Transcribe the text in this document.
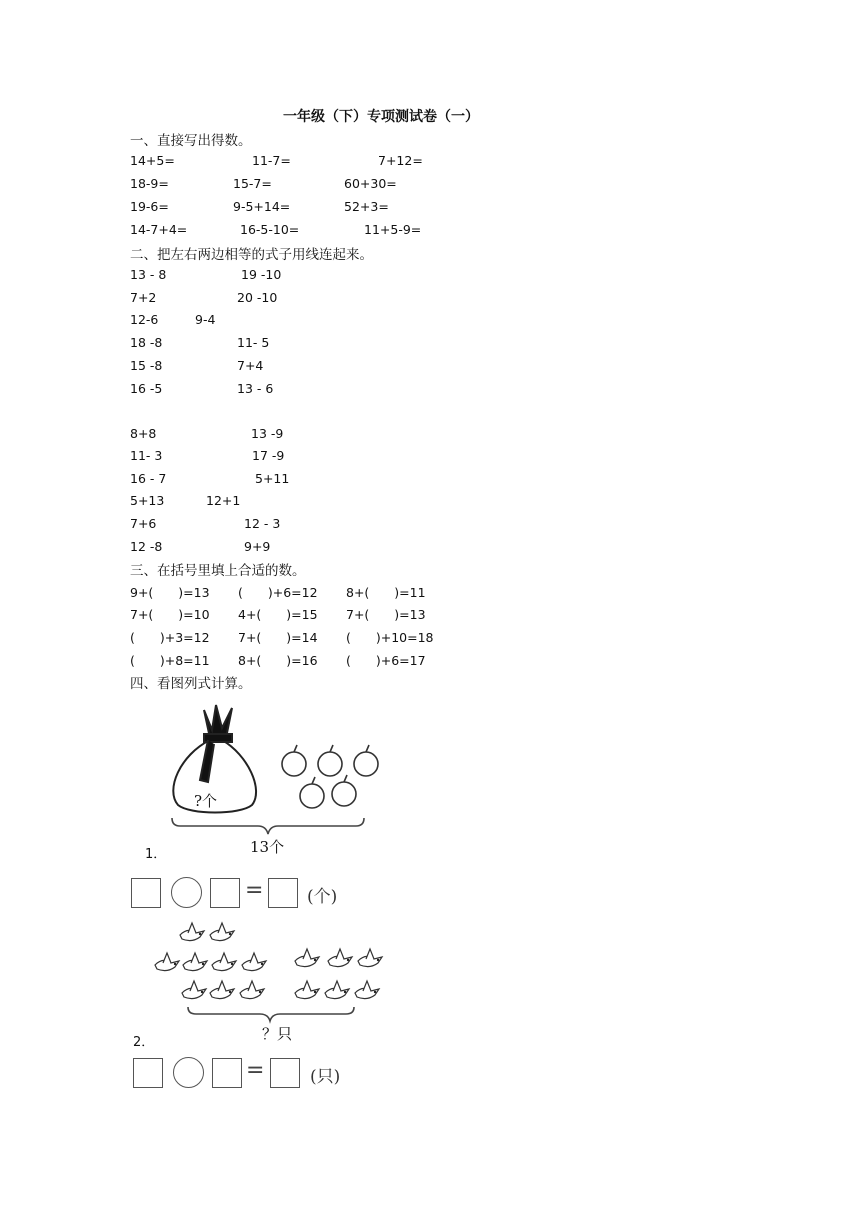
一年级（下）专项测试卷（一）
一、直接写出得数。
14+5=	11-7=	7+12=
18-9=	15-7=	60+30=
19-6=	9-5+14=	52+3=
14-7+4=	16-5-10=	11+5-9=
二、把左右两边相等的式子用线连起来。
13 - 8	19 -10
7+2	20 -10
12-6	9-4
18 -8	11- 5
15 -8	7+4
16 -5	13 - 6
8+8	13 -9
11- 3	17 -9
16 - 7	5+11
5+13	12+1
7+6	12 - 3
12 -8	9+9
三、在括号里填上合适的数。
9+(　　)=13 (　　)+6=12 8+(　　)=11
7+(　　)=10 4+(　　)=15 7+(　　)=13
(　　)+3=12 7+(　　)=14 (　　)+10=18
(　　)+8=11 8+(　　)=16 (　　)+6=17
四、看图列式计算。
?个
13个
1．
=	(个)
？只
2．
=	(只)
